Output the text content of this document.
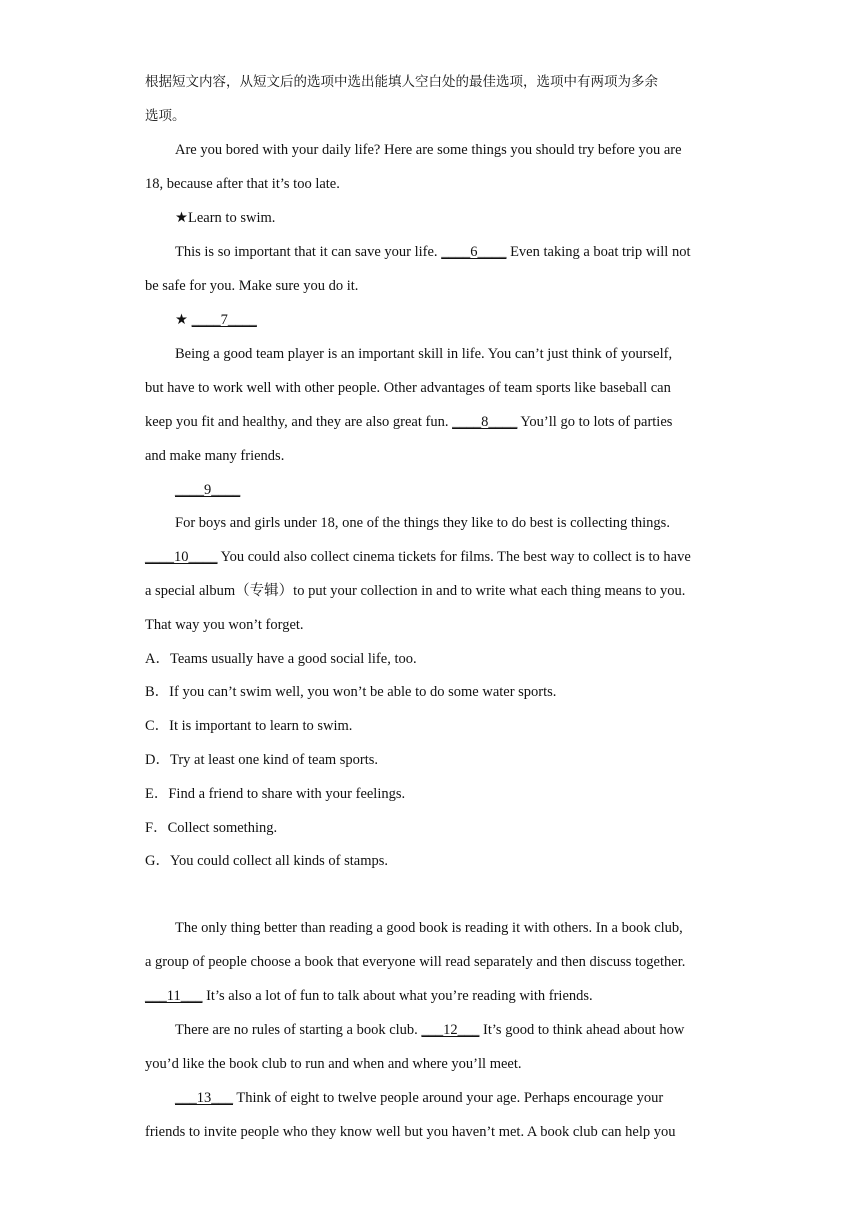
根据短文内容，从短文后的选项中选出能填人空白处的最佳选项，选项中有两项为多余
选项。
Are you bored with your daily life? Here are some things you should try before you are
18, because after that it’s too late.
★Learn to swim.
This is so important that it can save your life. ____6____ Even taking a boat trip will not
be safe for you. Make sure you do it.
★ ____7____
Being a good team player is an important skill in life. You can’t just think of yourself,
but have to work well with other people. Other advantages of team sports like baseball can
keep you fit and healthy, and they are also great fun. ____8____ You’ll go to lots of parties
and make many friends.
____9____
For boys and girls under 18, one of the things they like to do best is collecting things.
____10____ You could also collect cinema tickets for films. The best way to collect is to have
a special album（专辑）to put your collection in and to write what each thing means to you.
That way you won’t forget.
A．Teams usually have a good social life, too.
B．If you can’t swim well, you won’t be able to do some water sports.
C．It is important to learn to swim.
D．Try at least one kind of team sports.
E．Find a friend to share with your feelings.
F．Collect something.
G．You could collect all kinds of stamps.
The only thing better than reading a good book is reading it with others. In a book club,
a group of people choose a book that everyone will read separately and then discuss together.
___11___ It’s also a lot of fun to talk about what you’re reading with friends.
There are no rules of starting a book club. ___12___ It’s good to think ahead about how
you’d like the book club to run and when and where you’ll meet.
___13___ Think of eight to twelve people around your age. Perhaps encourage your
friends to invite people who they know well but you haven’t met. A book club can help you
